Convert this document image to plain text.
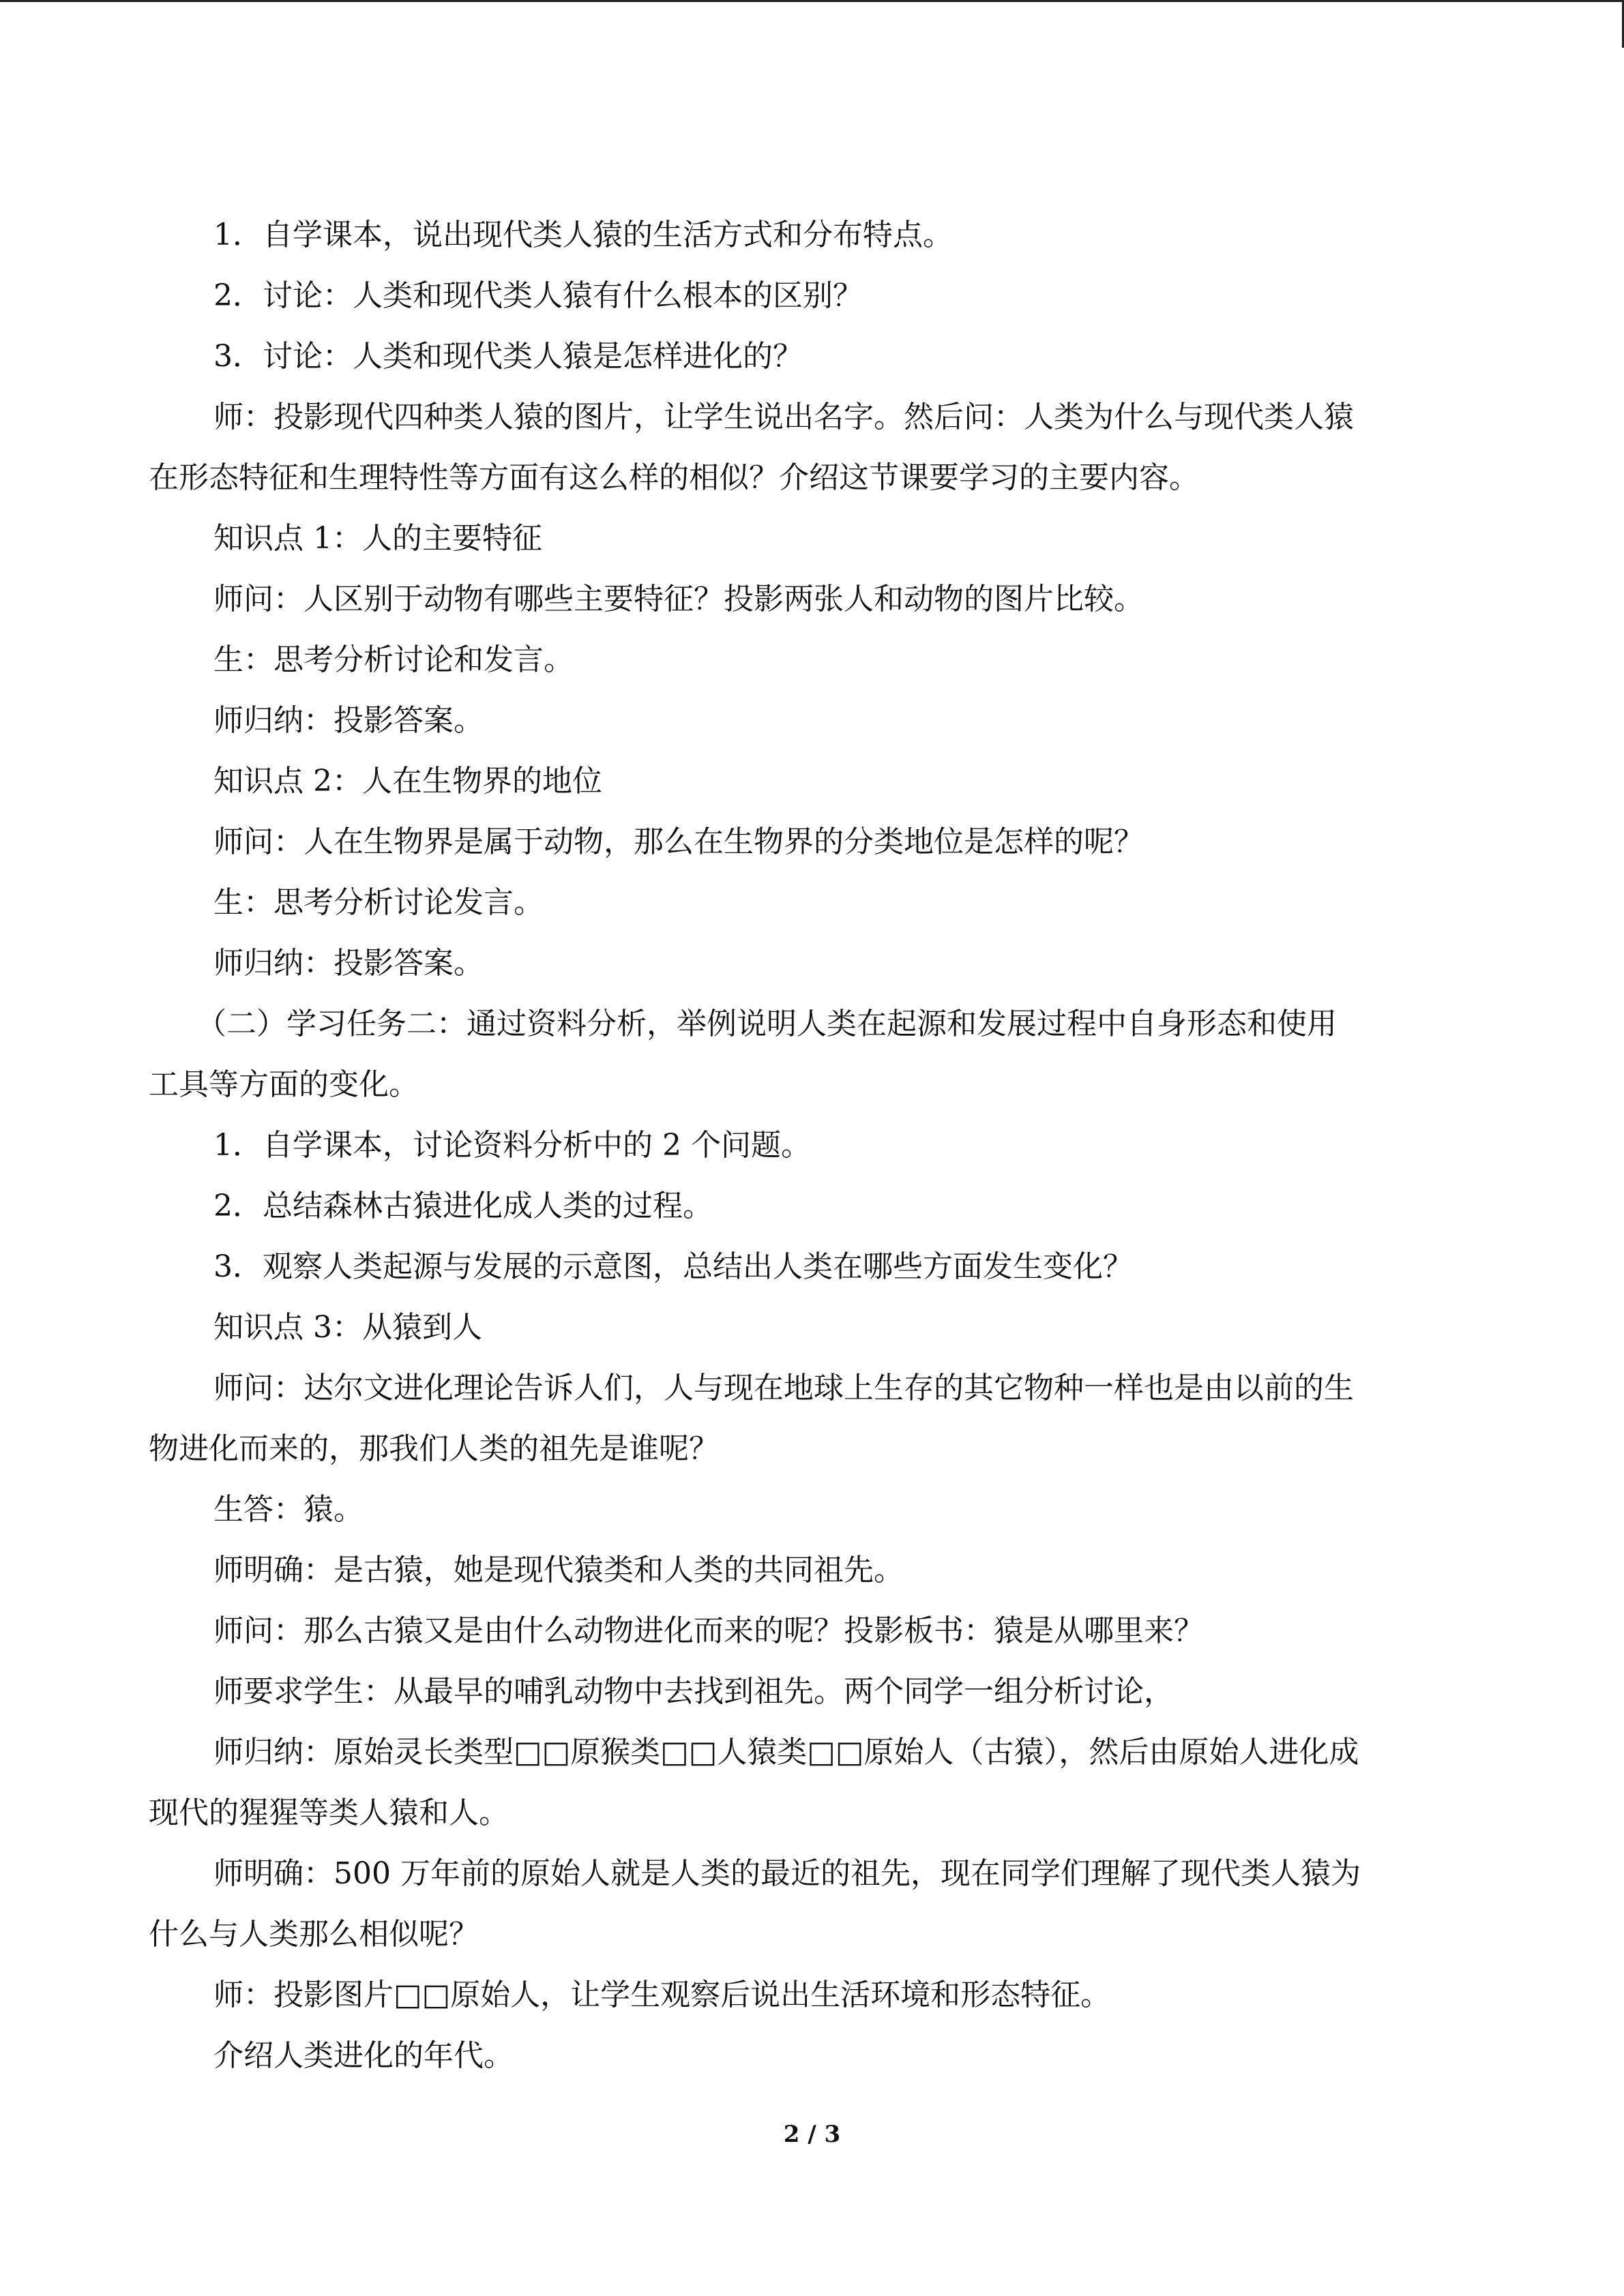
1．自学课本，说出现代类人猿的生活方式和分布特点。
2．讨论：人类和现代类人猿有什么根本的区别？
3．讨论：人类和现代类人猿是怎样进化的？
师：投影现代四种类人猿的图片，让学生说出名字。然后问：人类为什么与现代类人猿
在形态特征和生理特性等方面有这么样的相似？介绍这节课要学习的主要内容。
知识点 1：人的主要特征
师问：人区别于动物有哪些主要特征？投影两张人和动物的图片比较。
生：思考分析讨论和发言。
师归纳：投影答案。
知识点 2：人在生物界的地位
师问：人在生物界是属于动物，那么在生物界的分类地位是怎样的呢？
生：思考分析讨论发言。
师归纳：投影答案。
（二）学习任务二：通过资料分析，举例说明人类在起源和发展过程中自身形态和使用
工具等方面的变化。
1．自学课本，讨论资料分析中的 2 个问题。
2．总结森林古猿进化成人类的过程。
3．观察人类起源与发展的示意图，总结出人类在哪些方面发生变化？
知识点 3：从猿到人
师问：达尔文进化理论告诉人们，人与现在地球上生存的其它物种一样也是由以前的生
物进化而来的，那我们人类的祖先是谁呢？
生答：猿。
师明确：是古猿，她是现代猿类和人类的共同祖先。
师问：那么古猿又是由什么动物进化而来的呢？投影板书：猿是从哪里来？
师要求学生：从最早的哺乳动物中去找到祖先。两个同学一组分析讨论，
师归纳：原始灵长类型□□原猴类□□人猿类□□原始人（古猿），然后由原始人进化成
现代的猩猩等类人猿和人。
师明确：500 万年前的原始人就是人类的最近的祖先，现在同学们理解了现代类人猿为
什么与人类那么相似呢？
师：投影图片□□原始人，让学生观察后说出生活环境和形态特征。
介绍人类进化的年代。
2 / 3
